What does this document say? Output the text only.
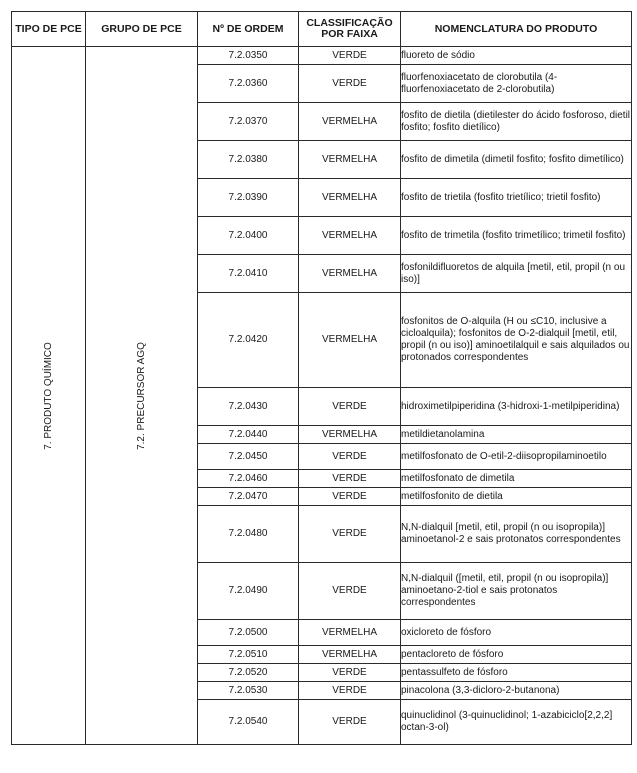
TIPO DE PCE	GRUPO DE PCE	Nº DE ORDEM	CLASSIFICAÇÃO POR FAIXA	NOMENCLATURA DO PRODUTO

7. PRODUTO QUÍMICO	7.2. PRECURSOR AGQ	7.2.0350	VERDE	fluoreto de sódio
		7.2.0360	VERDE	fluorfenoxiacetato de clorobutila (4-fluorfenoxiacetato de 2-clorobutila)
		7.2.0370	VERMELHA	fosfito de dietila (dietilester do ácido fosforoso, dietil fosfito; fosfito dietílico)
		7.2.0380	VERMELHA	fosfito de dimetila (dimetil fosfito; fosfito dimetílico)
		7.2.0390	VERMELHA	fosfito de trietila (fosfito trietílico; trietil fosfito)
		7.2.0400	VERMELHA	fosfito de trimetila (fosfito trimetílico; trimetil fosfito)
		7.2.0410	VERMELHA	fosfonildifluoretos de alquila [metil, etil, propil (n ou iso)]
		7.2.0420	VERMELHA	fosfonitos de O-alquila (H ou ≤C10, inclusive a cicloalquila); fosfonitos de O-2-dialquil [metil, etil, propil (n ou iso)] aminoetilalquil e sais alquilados ou protonados correspondentes
		7.2.0430	VERDE	hidroximetilpiperidina (3-hidroxi-1-metilpiperidina)
		7.2.0440	VERMELHA	metildietanolamina
		7.2.0450	VERDE	metilfosfonato de O-etil-2-diisopropilaminoetilo
		7.2.0460	VERDE	metilfosfonato de dimetila
		7.2.0470	VERDE	metilfosfonito de dietila
		7.2.0480	VERDE	N,N-dialquil [metil, etil, propil (n ou isopropila)] aminoetanol-2 e sais protonatos correspondentes
		7.2.0490	VERDE	N,N-dialquil ([metil, etil, propil (n ou isopropila)] aminoetano-2-tiol e sais protonatos correspondentes
		7.2.0500	VERMELHA	oxicloreto de fósforo
		7.2.0510	VERMELHA	pentacloreto de fósforo
		7.2.0520	VERDE	pentassulfeto de fósforo
		7.2.0530	VERDE	pinacolona (3,3-dicloro-2-butanona)
		7.2.0540	VERDE	quinuclidinol (3-quinuclidinol; 1-azabiciclo[2,2,2] octan-3-ol)
